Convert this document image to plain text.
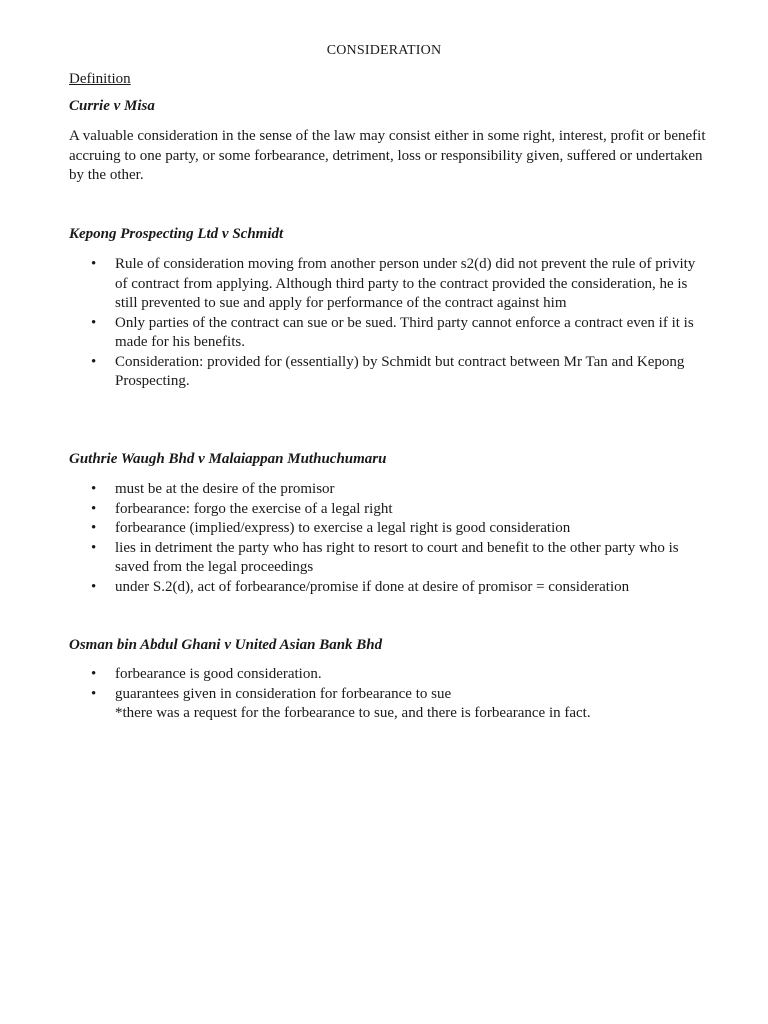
CONSIDERATION
Definition
Currie v Misa
A valuable consideration in the sense of the law may consist either in some right, interest, profit or benefit accruing to one party, or some forbearance, detriment, loss or responsibility given, suffered or undertaken by the other.
Kepong Prospecting Ltd v Schmidt
• Rule of consideration moving from another person under s2(d) did not prevent the rule of privity of contract from applying. Although third party to the contract provided the consideration, he is still prevented to sue and apply for performance of the contract against him
• Only parties of the contract can sue or be sued. Third party cannot enforce a contract even if it is made for his benefits.
• Consideration: provided for (essentially) by Schmidt but contract between Mr Tan and Kepong Prospecting.
Guthrie Waugh Bhd v Malaiappan Muthuchumaru
• must be at the desire of the promisor
• forbearance: forgo the exercise of a legal right
• forbearance (implied/express) to exercise a legal right is good consideration
• lies in detriment the party who has right to resort to court and benefit to the other party who is saved from the legal proceedings
• under S.2(d), act of forbearance/promise if done at desire of promisor = consideration
Osman bin Abdul Ghani v United Asian Bank Bhd
• forbearance is good consideration.
• guarantees given in consideration for forbearance to sue
*there was a request for the forbearance to sue, and there is forbearance in fact.
